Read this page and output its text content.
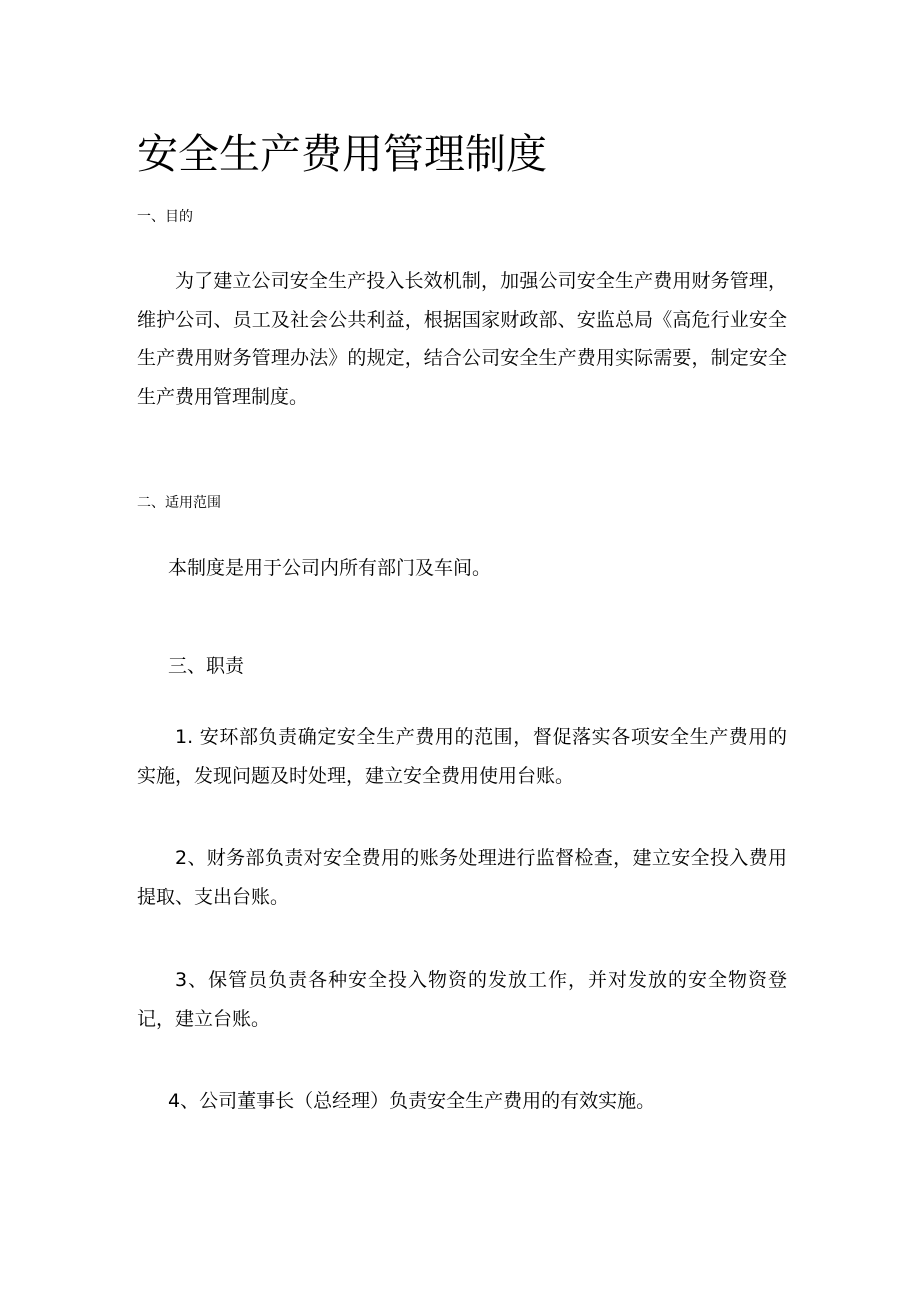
安全生产费用管理制度
一、目的

为了建立公司安全生产投入长效机制，加强公司安全生产费用财务管理，维护公司、员工及社会公共利益，根据国家财政部、安监总局《高危行业安全生产费用财务管理办法》的规定，结合公司安全生产费用实际需要，制定安全生产费用管理制度。

二、适用范围
本制度是用于公司内所有部门及车间。
三、职责

1. 安环部负责确定安全生产费用的范围，督促落实各项安全生产费用的实施，发现问题及时处理，建立安全费用使用台账。

2、财务部负责对安全费用的账务处理进行监督检查，建立安全投入费用提取、支出台账。

3、保管员负责各种安全投入物资的发放工作，并对发放的安全物资登记，建立台账。

4、公司董事长（总经理）负责安全生产费用的有效实施。
